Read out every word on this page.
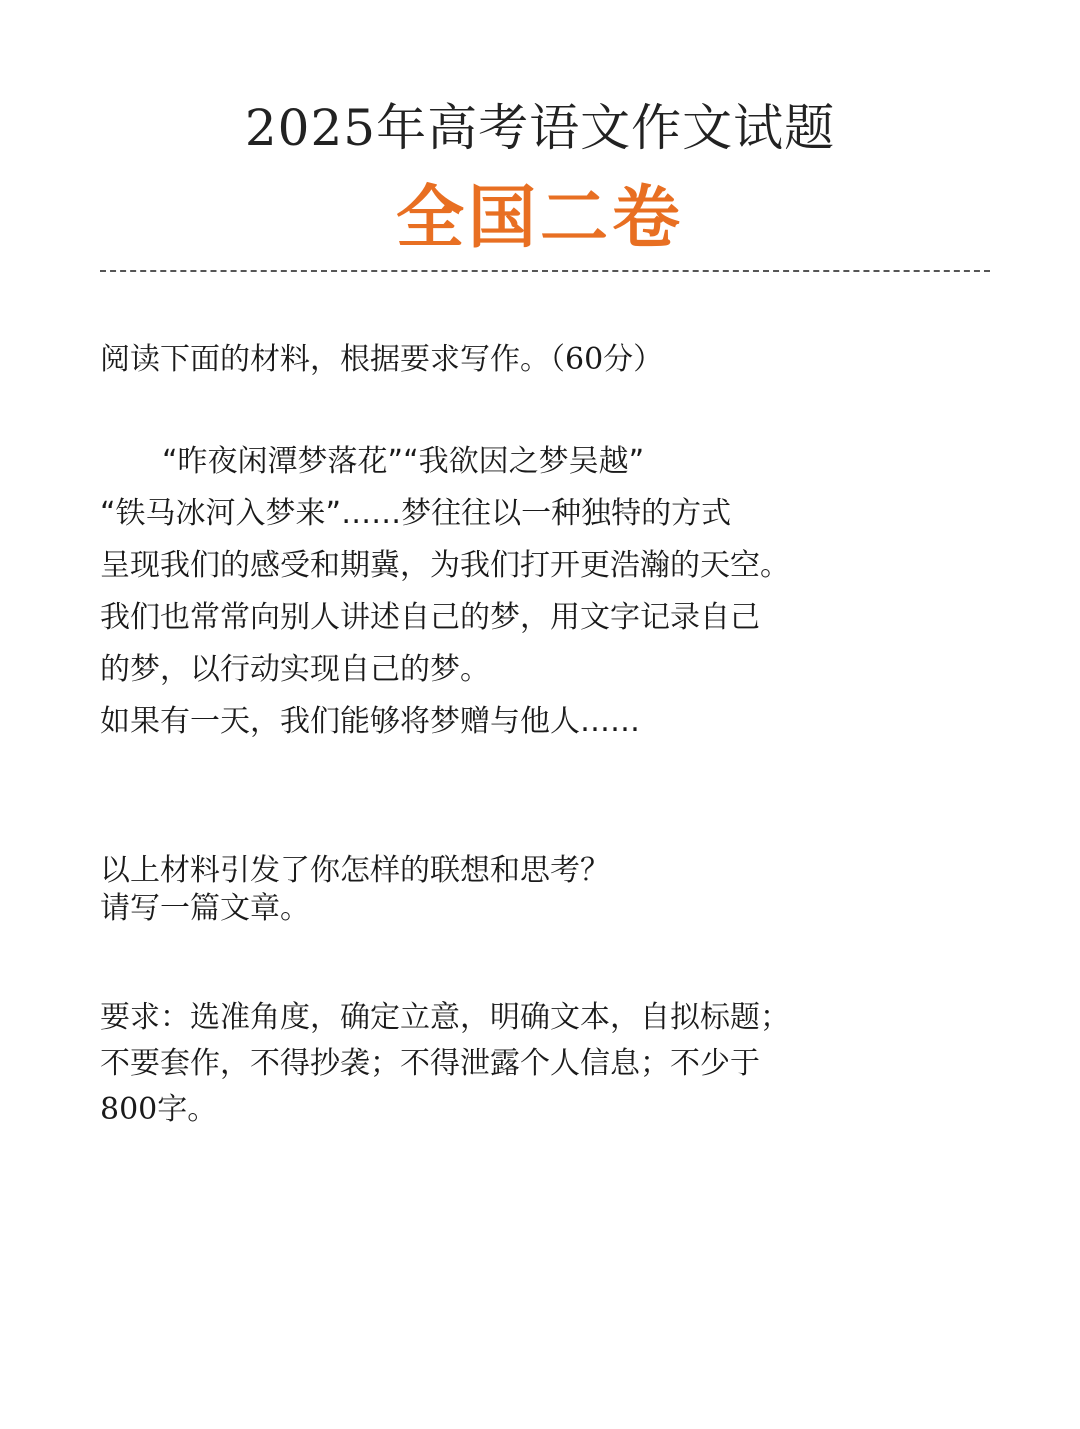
2025年高考语文作文试题
全国二卷
阅读下面的材料，根据要求写作。（60分）
“昨夜闲潭梦落花”“我欲因之梦吴越”
“铁马冰河入梦来”……梦往往以一种独特的方式
呈现我们的感受和期冀，为我们打开更浩瀚的天空。
我们也常常向别人讲述自己的梦，用文字记录自己
的梦，以行动实现自己的梦。
如果有一天，我们能够将梦赠与他人……
以上材料引发了你怎样的联想和思考？
请写一篇文章。
要求：选准角度，确定立意，明确文本，自拟标题；
不要套作，不得抄袭；不得泄露个人信息；不少于
800字。
